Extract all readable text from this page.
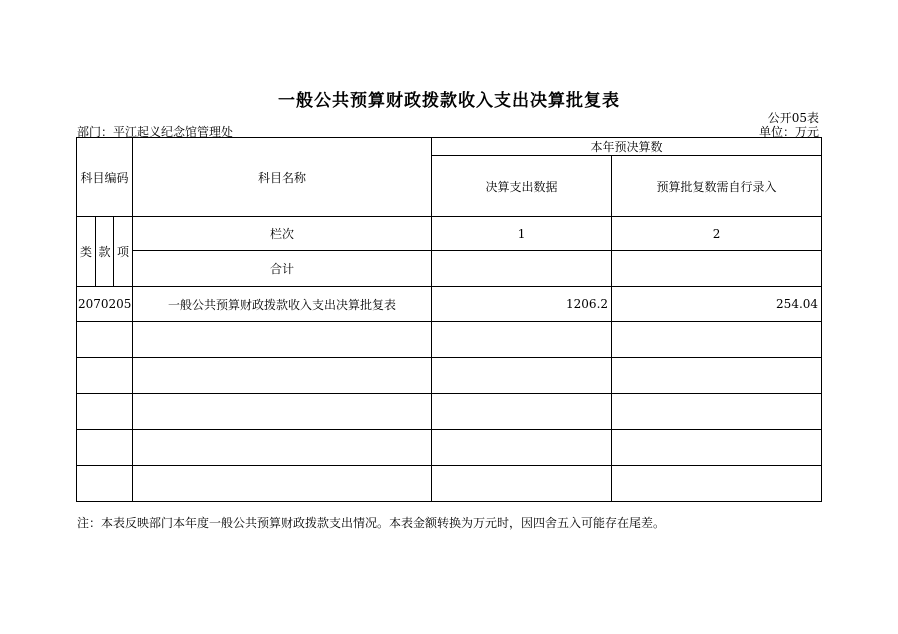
一般公共预算财政拨款收入支出决算批复表
公开05表
部门：平江起义纪念馆管理处	单位：万元
科目编码			科目名称	本年预决算数	
				决算支出数据	预算批复数需自行录入
类	款	项	栏次	1	2
			合计		
2070205			一般公共预算财政拨款收入支出决算批复表	1206.2	254.04

注：本表反映部门本年度一般公共预算财政拨款支出情况。本表金额转换为万元时，因四舍五入可能存在尾差。
